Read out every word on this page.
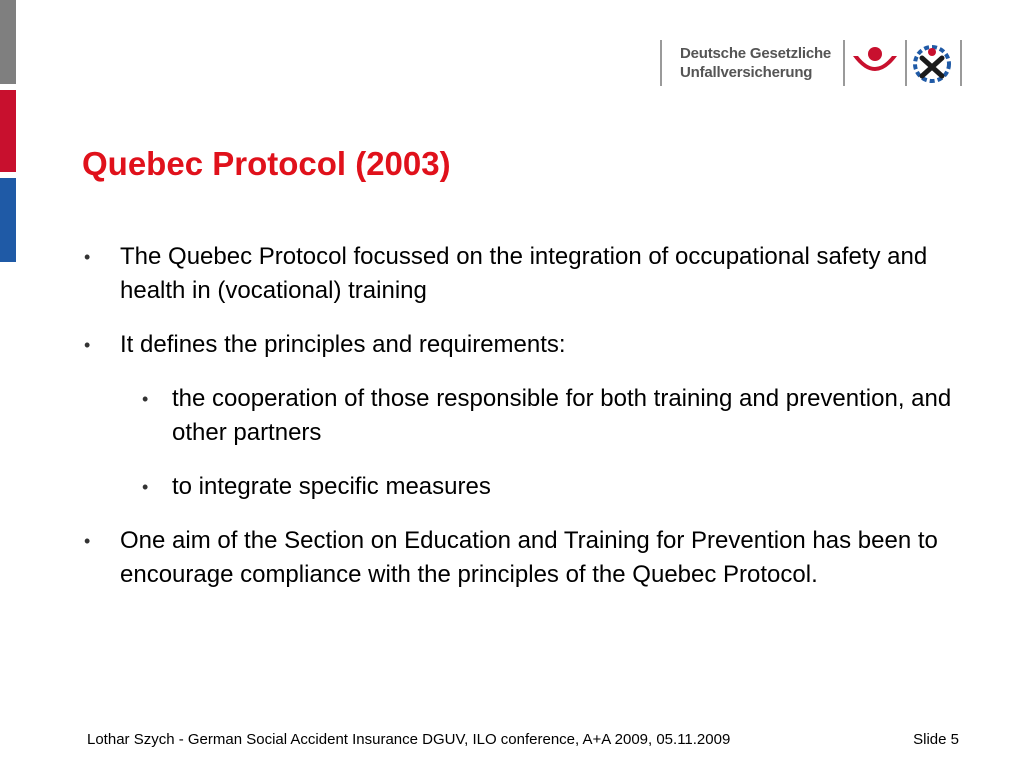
Deutsche Gesetzliche
Unfallversicherung
Quebec Protocol (2003)
• The Quebec Protocol focussed on the integration of occupational safety and health in (vocational) training
• It defines the principles and requirements:
• the cooperation of those responsible for both training and prevention, and other partners
• to integrate specific measures
• One aim of the Section on Education and Training for Prevention has been to encourage compliance with the principles of the Quebec Protocol.
Lothar Szych - German Social Accident Insurance DGUV, ILO conference, A+A 2009, 05.11.2009	Slide 5
